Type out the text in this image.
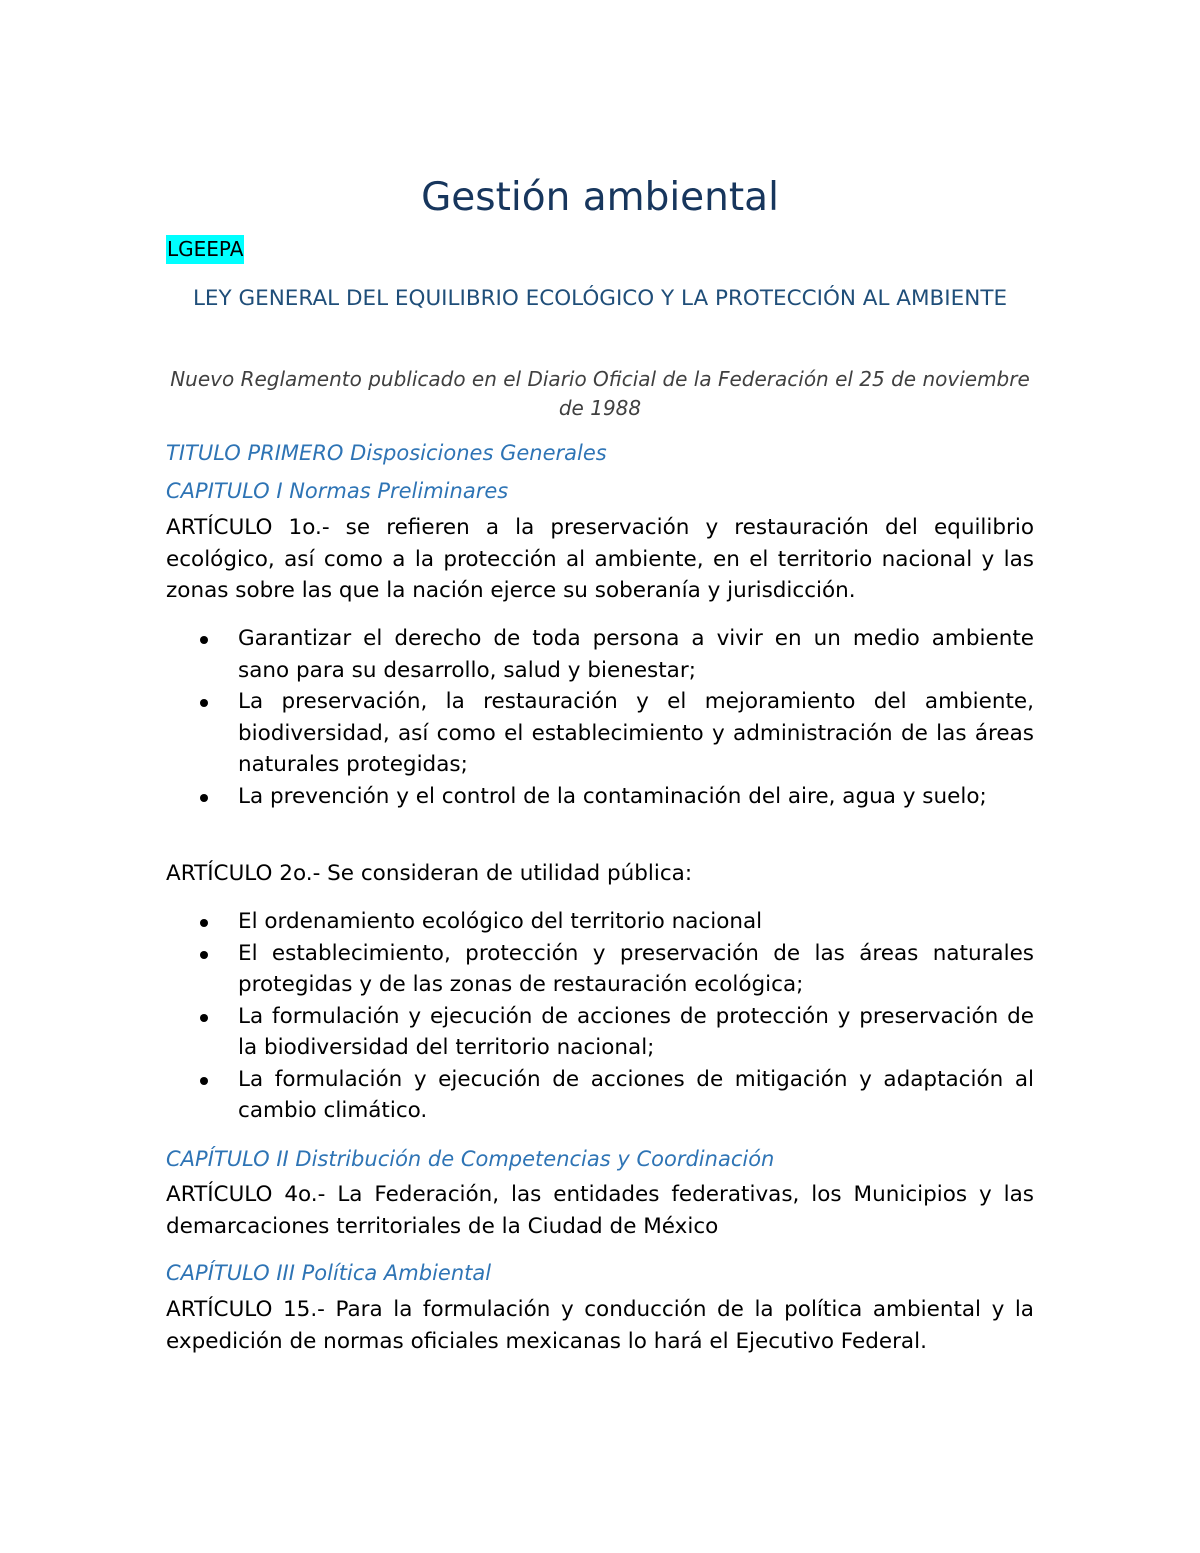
Gestión ambiental
LGEEPA
LEY GENERAL DEL EQUILIBRIO ECOLÓGICO Y LA PROTECCIÓN AL AMBIENTE

Nuevo Reglamento publicado en el Diario Oficial de la Federación el 25 de noviembre de 1988

TITULO PRIMERO Disposiciones Generales
CAPITULO I Normas Preliminares

ARTÍCULO 1o.- se refieren a la preservación y restauración del equilibrio ecológico, así como a la protección al ambiente, en el territorio nacional y las zonas sobre las que la nación ejerce su soberanía y jurisdicción.

Garantizar el derecho de toda persona a vivir en un medio ambiente sano para su desarrollo, salud y bienestar;
La preservación, la restauración y el mejoramiento del ambiente, biodiversidad, así como el establecimiento y administración de las áreas naturales protegidas;
La prevención y el control de la contaminación del aire, agua y suelo;

ARTÍCULO 2o.- Se consideran de utilidad pública:

El ordenamiento ecológico del territorio nacional
El establecimiento, protección y preservación de las áreas naturales protegidas y de las zonas de restauración ecológica;
La formulación y ejecución de acciones de protección y preservación de la biodiversidad del territorio nacional;
La formulación y ejecución de acciones de mitigación y adaptación al cambio climático.
CAPÍTULO II Distribución de Competencias y Coordinación

ARTÍCULO 4o.- La Federación, las entidades federativas, los Municipios y las demarcaciones territoriales de la Ciudad de México

CAPÍTULO III Política Ambiental

ARTÍCULO 15.- Para la formulación y conducción de la política ambiental y la expedición de normas oficiales mexicanas lo hará el Ejecutivo Federal.
